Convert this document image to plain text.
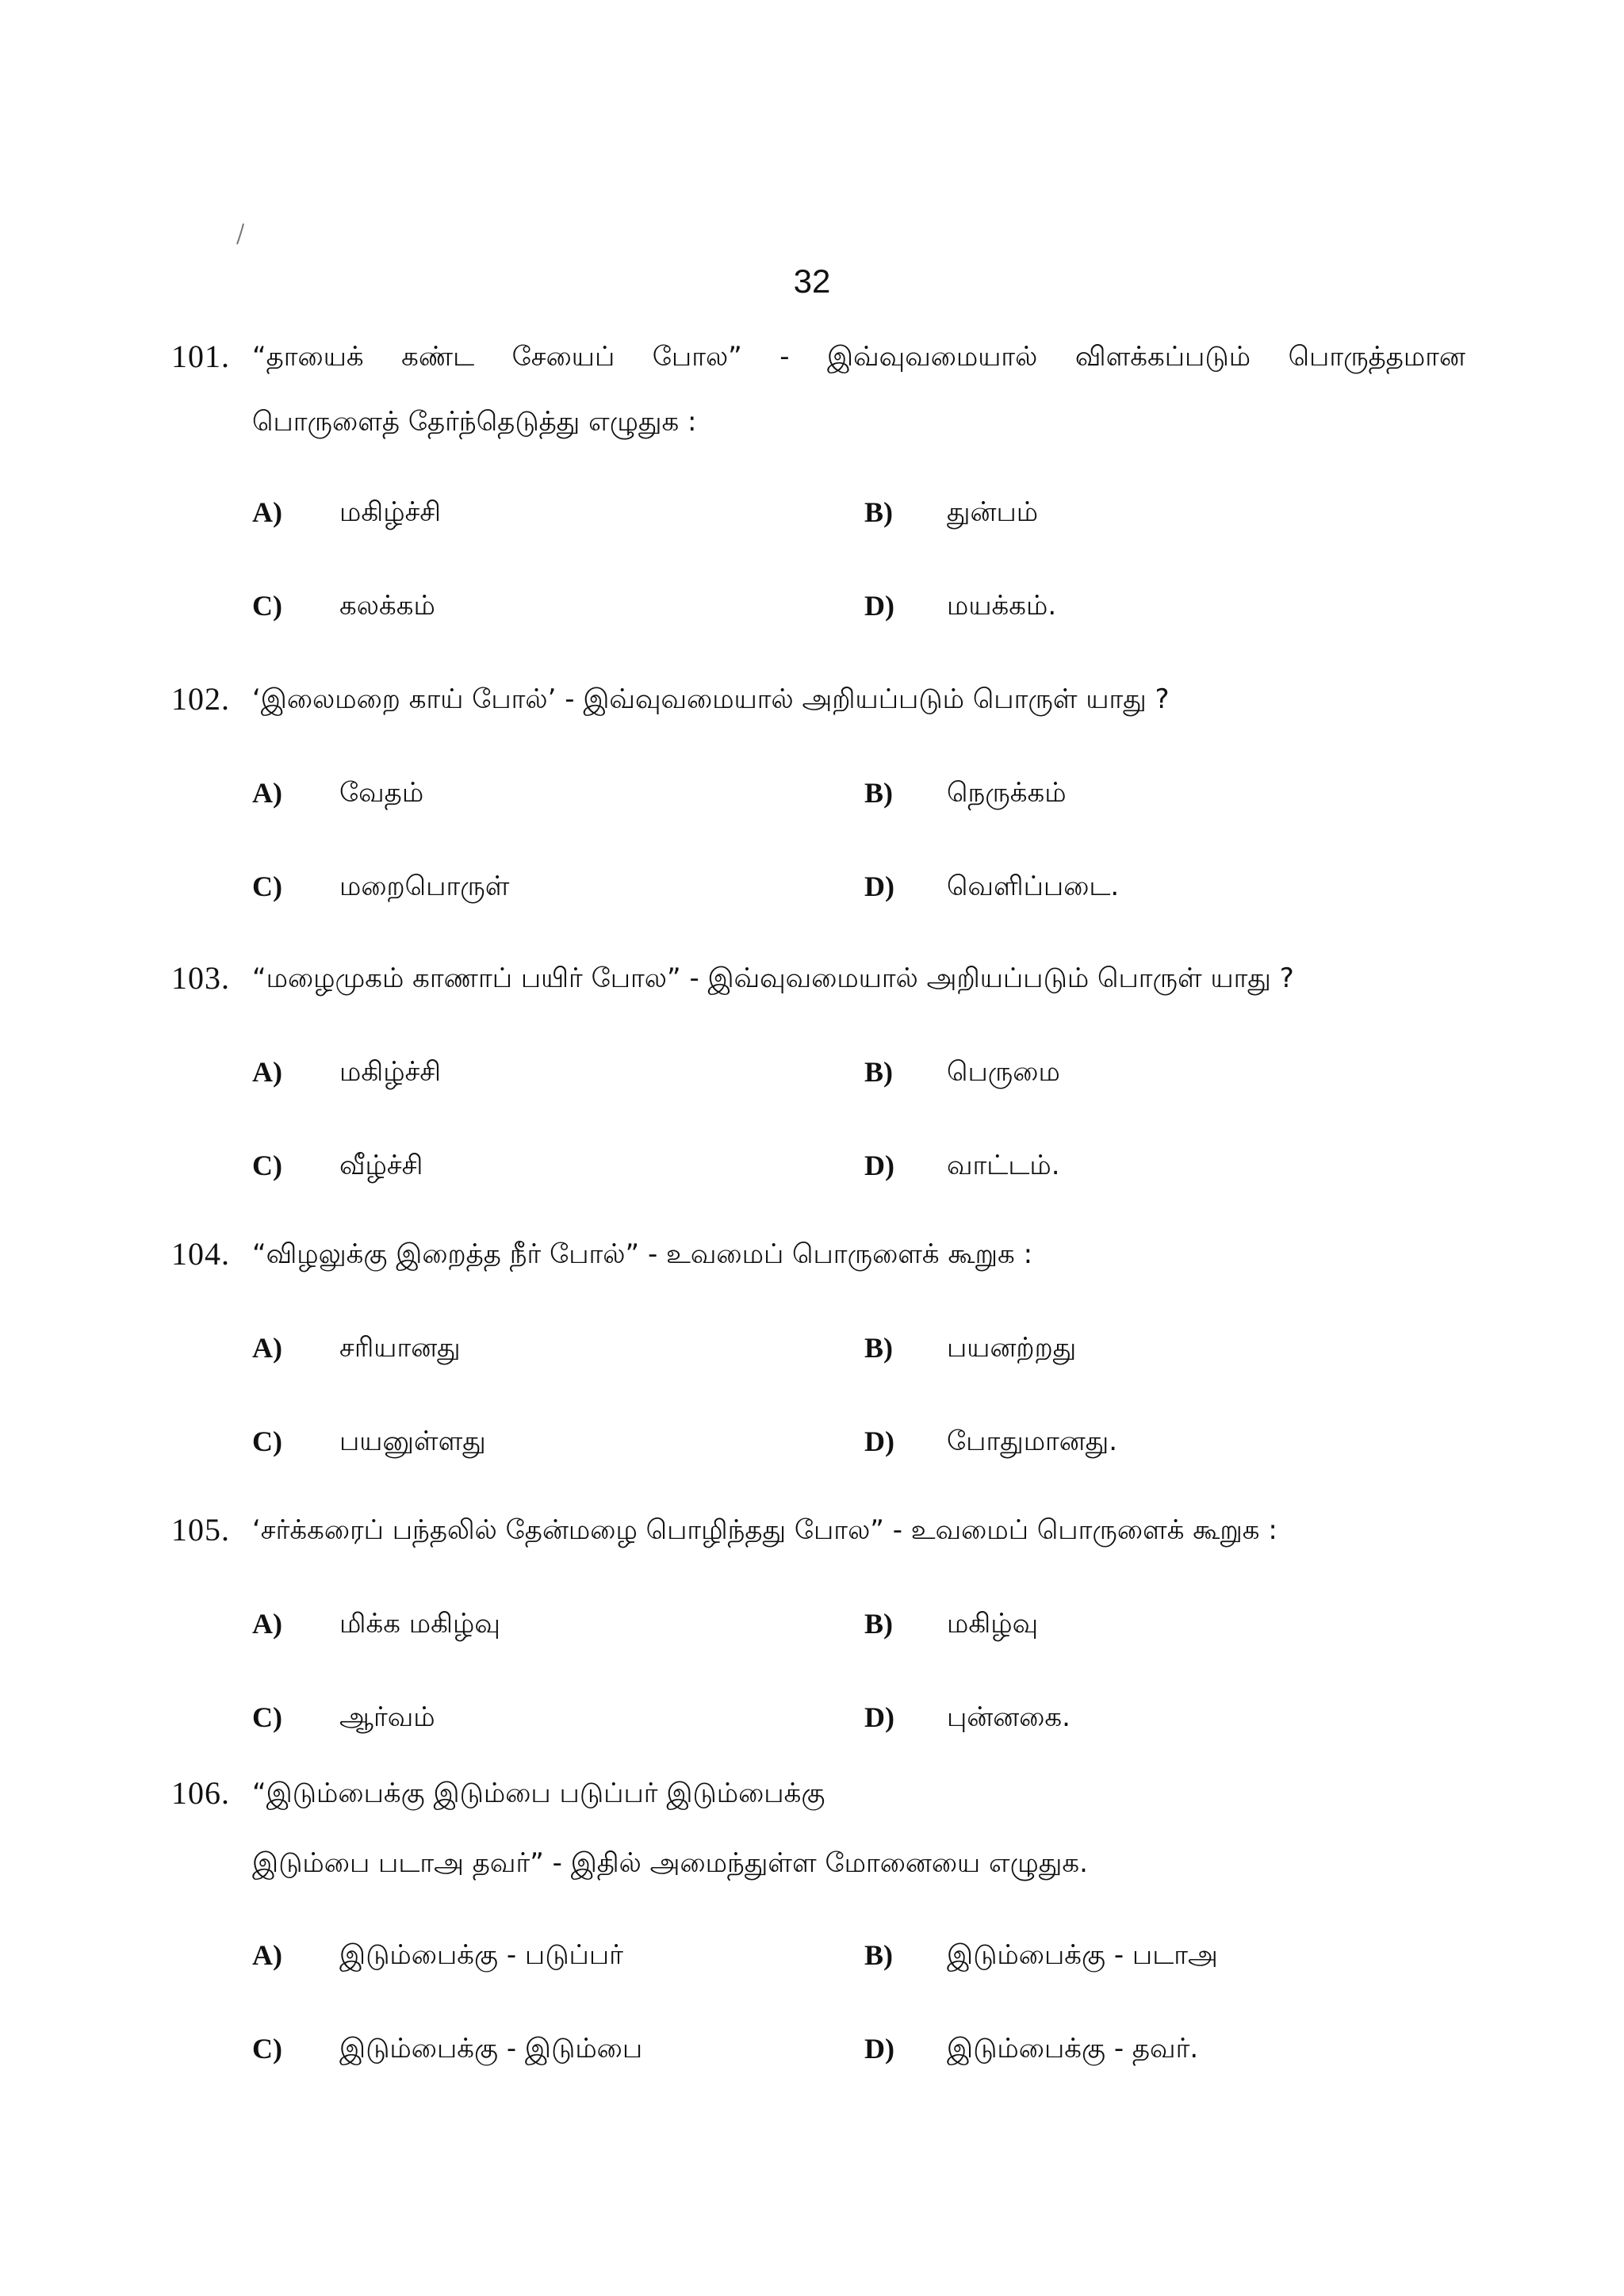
32
101. “தாயைக் கண்ட சேயைப் போல” - இவ்வுவமையால் விளக்கப்படும் பொருத்தமான
பொருளைத் தேர்ந்தெடுத்து எழுதுக :
A) மகிழ்ச்சி	B) துன்பம்
C) கலக்கம்	D) மயக்கம்.
102. ‘இலைமறை காய் போல்’ - இவ்வுவமையால் அறியப்படும் பொருள் யாது ?
A) வேதம்	B) நெருக்கம்
C) மறைபொருள்	D) வெளிப்படை.
103. “மழைமுகம் காணாப் பயிர் போல” - இவ்வுவமையால் அறியப்படும் பொருள் யாது ?
A) மகிழ்ச்சி	B) பெருமை
C) வீழ்ச்சி	D) வாட்டம்.
104. “விழலுக்கு இறைத்த நீர் போல்” - உவமைப் பொருளைக் கூறுக :
A) சரியானது	B) பயனற்றது
C) பயனுள்ளது	D) போதுமானது.
105. ‘சர்க்கரைப் பந்தலில் தேன்மழை பொழிந்தது போல” - உவமைப் பொருளைக் கூறுக :
A) மிக்க மகிழ்வு	B) மகிழ்வு
C) ஆர்வம்	D) புன்னகை.
106. “இடும்பைக்கு இடும்பை படுப்பர் இடும்பைக்கு
இடும்பை படாஅ தவர்” - இதில் அமைந்துள்ள மோனையை எழுதுக.
A) இடும்பைக்கு - படுப்பர்	B) இடும்பைக்கு - படாஅ
C) இடும்பைக்கு - இடும்பை	D) இடும்பைக்கு - தவர்.
